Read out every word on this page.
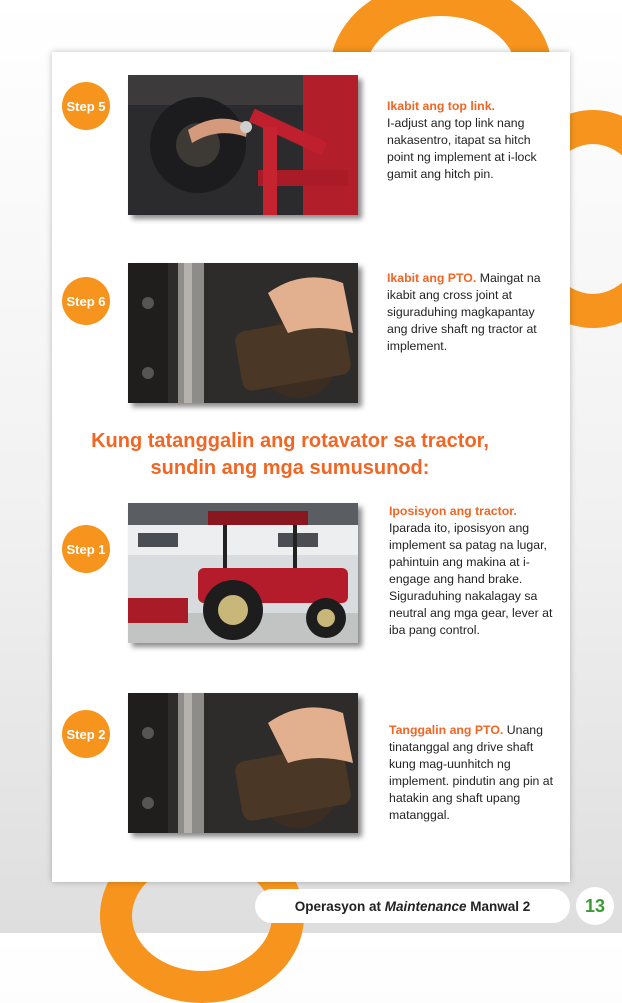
Step 5	Ikabit ang top link.
I-adjust ang top link nang nakasentro, itapat sa hitch point ng implement at i-lock gamit ang hitch pin.
Step 6
Ikabit ang PTO. Maingat na ikabit ang cross joint at siguraduhing magkapantay ang drive shaft ng tractor at implement.
Kung tatanggalin ang rotavator sa tractor,
sundin ang mga sumusunod:
Step 1
Iposisyon ang tractor.
Iparada ito, iposisyon ang implement sa patag na lugar, pahintuin ang makina at i-engage ang hand brake. Siguraduhing nakalagay sa neutral ang mga gear, lever at iba pang control.
Step 2	Tanggalin ang PTO. Unang tinatanggal ang drive shaft kung mag-uunhitch ng implement. pindutin ang pin at hatakin ang shaft upang matanggal.
Operasyon at Maintenance Manwal 2	13
